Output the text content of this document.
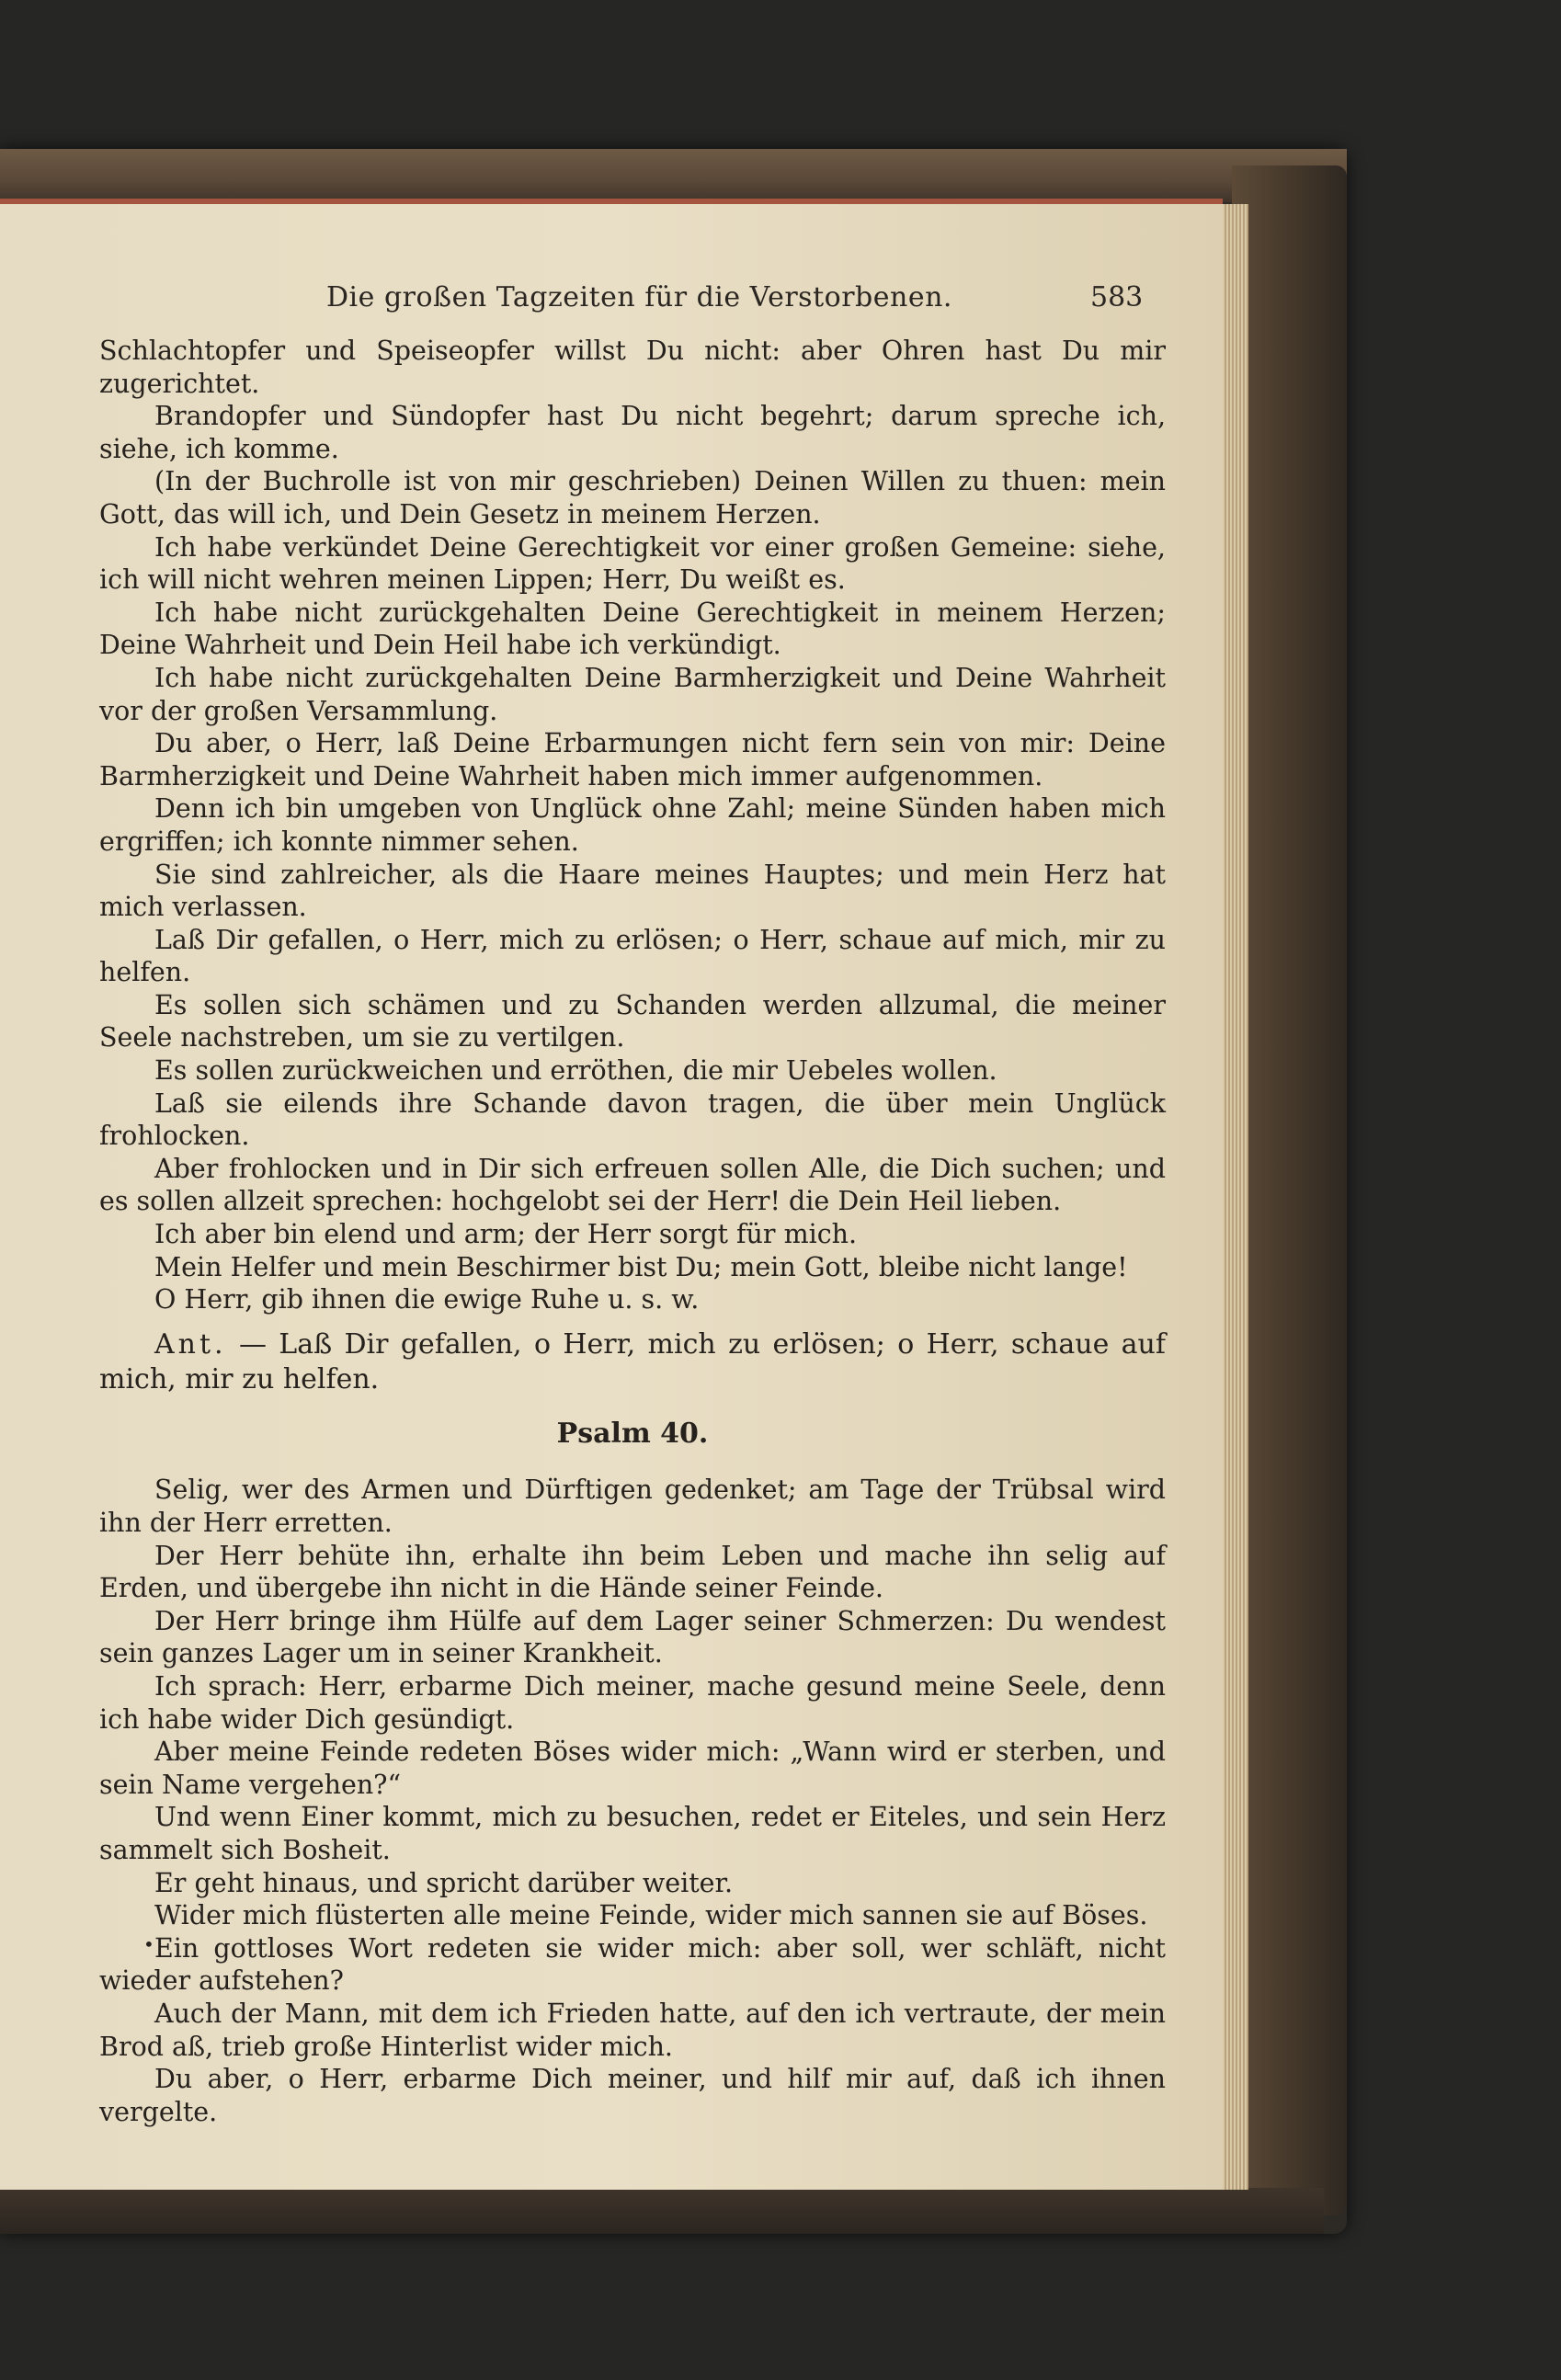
Die großen Tagzeiten für die Verstorbenen.	583

Schlachtopfer und Speiseopfer willst Du nicht: aber Ohren hast Du mir zugerichtet.

Brandopfer und Sündopfer hast Du nicht begehrt; darum spreche ich, siehe, ich komme.

(In der Buchrolle ist von mir geschrieben) Deinen Willen zu thuen: mein Gott, das will ich, und Dein Gesetz in meinem Herzen.

Ich habe verkündet Deine Gerechtigkeit vor einer großen Gemeine: siehe, ich will nicht wehren meinen Lippen; Herr, Du weißt es.

Ich habe nicht zurückgehalten Deine Gerechtigkeit in meinem Herzen; Deine Wahrheit und Dein Heil habe ich verkündigt.

Ich habe nicht zurückgehalten Deine Barmherzigkeit und Deine Wahrheit vor der großen Versammlung.

Du aber, o Herr, laß Deine Erbarmungen nicht fern sein von mir: Deine Barmherzigkeit und Deine Wahrheit haben mich immer aufgenommen.

Denn ich bin umgeben von Unglück ohne Zahl; meine Sünden haben mich ergriffen; ich konnte nimmer sehen.

Sie sind zahlreicher, als die Haare meines Hauptes; und mein Herz hat mich verlassen.

Laß Dir gefallen, o Herr, mich zu erlösen; o Herr, schaue auf mich, mir zu helfen.

Es sollen sich schämen und zu Schanden werden allzumal, die meiner Seele nachstreben, um sie zu vertilgen.

Es sollen zurückweichen und erröthen, die mir Uebeles wollen.

Laß sie eilends ihre Schande davon tragen, die über mein Unglück frohlocken.

Aber frohlocken und in Dir sich erfreuen sollen Alle, die Dich suchen; und es sollen allzeit sprechen: hochgelobt sei der Herr! die Dein Heil lieben.

Ich aber bin elend und arm; der Herr sorgt für mich.

Mein Helfer und mein Beschirmer bist Du; mein Gott, bleibe nicht lange!

O Herr, gib ihnen die ewige Ruhe u. s. w.

Ant. — Laß Dir gefallen, o Herr, mich zu erlösen; o Herr, schaue auf mich, mir zu helfen.

Psalm 40.

Selig, wer des Armen und Dürftigen gedenket; am Tage der Trübsal wird ihn der Herr erretten.

Der Herr behüte ihn, erhalte ihn beim Leben und mache ihn selig auf Erden, und übergebe ihn nicht in die Hände seiner Feinde.

Der Herr bringe ihm Hülfe auf dem Lager seiner Schmerzen: Du wendest sein ganzes Lager um in seiner Krankheit.

Ich sprach: Herr, erbarme Dich meiner, mache gesund meine Seele, denn ich habe wider Dich gesündigt.

Aber meine Feinde redeten Böses wider mich: „Wann wird er sterben, und sein Name vergehen?“

Und wenn Einer kommt, mich zu besuchen, redet er Eiteles, und sein Herz sammelt sich Bosheit.

Er geht hinaus, und spricht darüber weiter.

Wider mich flüsterten alle meine Feinde, wider mich sannen sie auf Böses.

• Ein gottloses Wort redeten sie wider mich: aber soll, wer schläft, nicht wieder aufstehen?

Auch der Mann, mit dem ich Frieden hatte, auf den ich vertraute, der mein Brod aß, trieb große Hinterlist wider mich.

Du aber, o Herr, erbarme Dich meiner, und hilf mir auf, daß ich ihnen vergelte.
